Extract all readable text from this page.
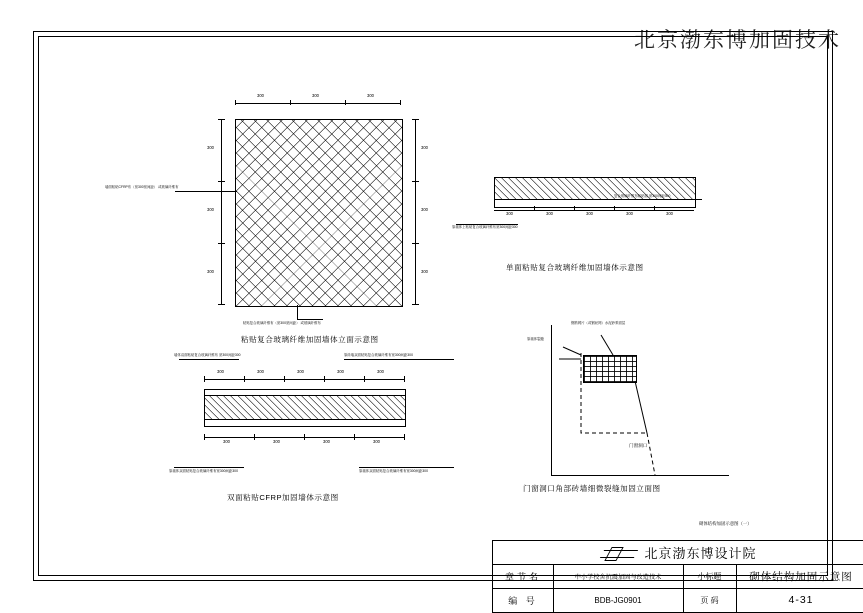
北京渤东博加固技术
300	300	300
300
300
300
300
300
300
墙面粘贴CFRP布（宽300宽间距） 或玻璃纤维布
粘贴复合玻璃纤维布（宽300宽间距） 或玻璃纤维布
粘贴复合玻璃纤维加固墙体立面示意图
300	300	300	300	300
原墙体上粘贴复合玻璃纤维布宽300间距300
复合玻璃纤维布粘贴面 宽300间距300
单面粘贴复合玻璃纤维加固墙体示意图
300	300	300	300	300
300	300	300	300
墙体双面粘贴复合玻璃纤维布 宽300间距300	原砖墙双面粘贴复合玻璃纤维布宽300间距300
原墙体双面粘贴复合玻璃纤维布宽300间距300	原墙体双面粘贴复合玻璃纤维布宽300间距300
双面粘贴CFRP加固墙体示意图
钢筋网片（或钢丝网）水泥砂浆面层
原墙体裂缝
门窗洞口
门窗洞口角部砖墙细微裂缝加固立面图
砌体结构加固示意图（一）
北京渤东博设计院
章节名	中小学校舍抗震加固与改造技术	小标题	砌体结构加固示意图
编 号	BDB-JG0901	页 码	4-31
